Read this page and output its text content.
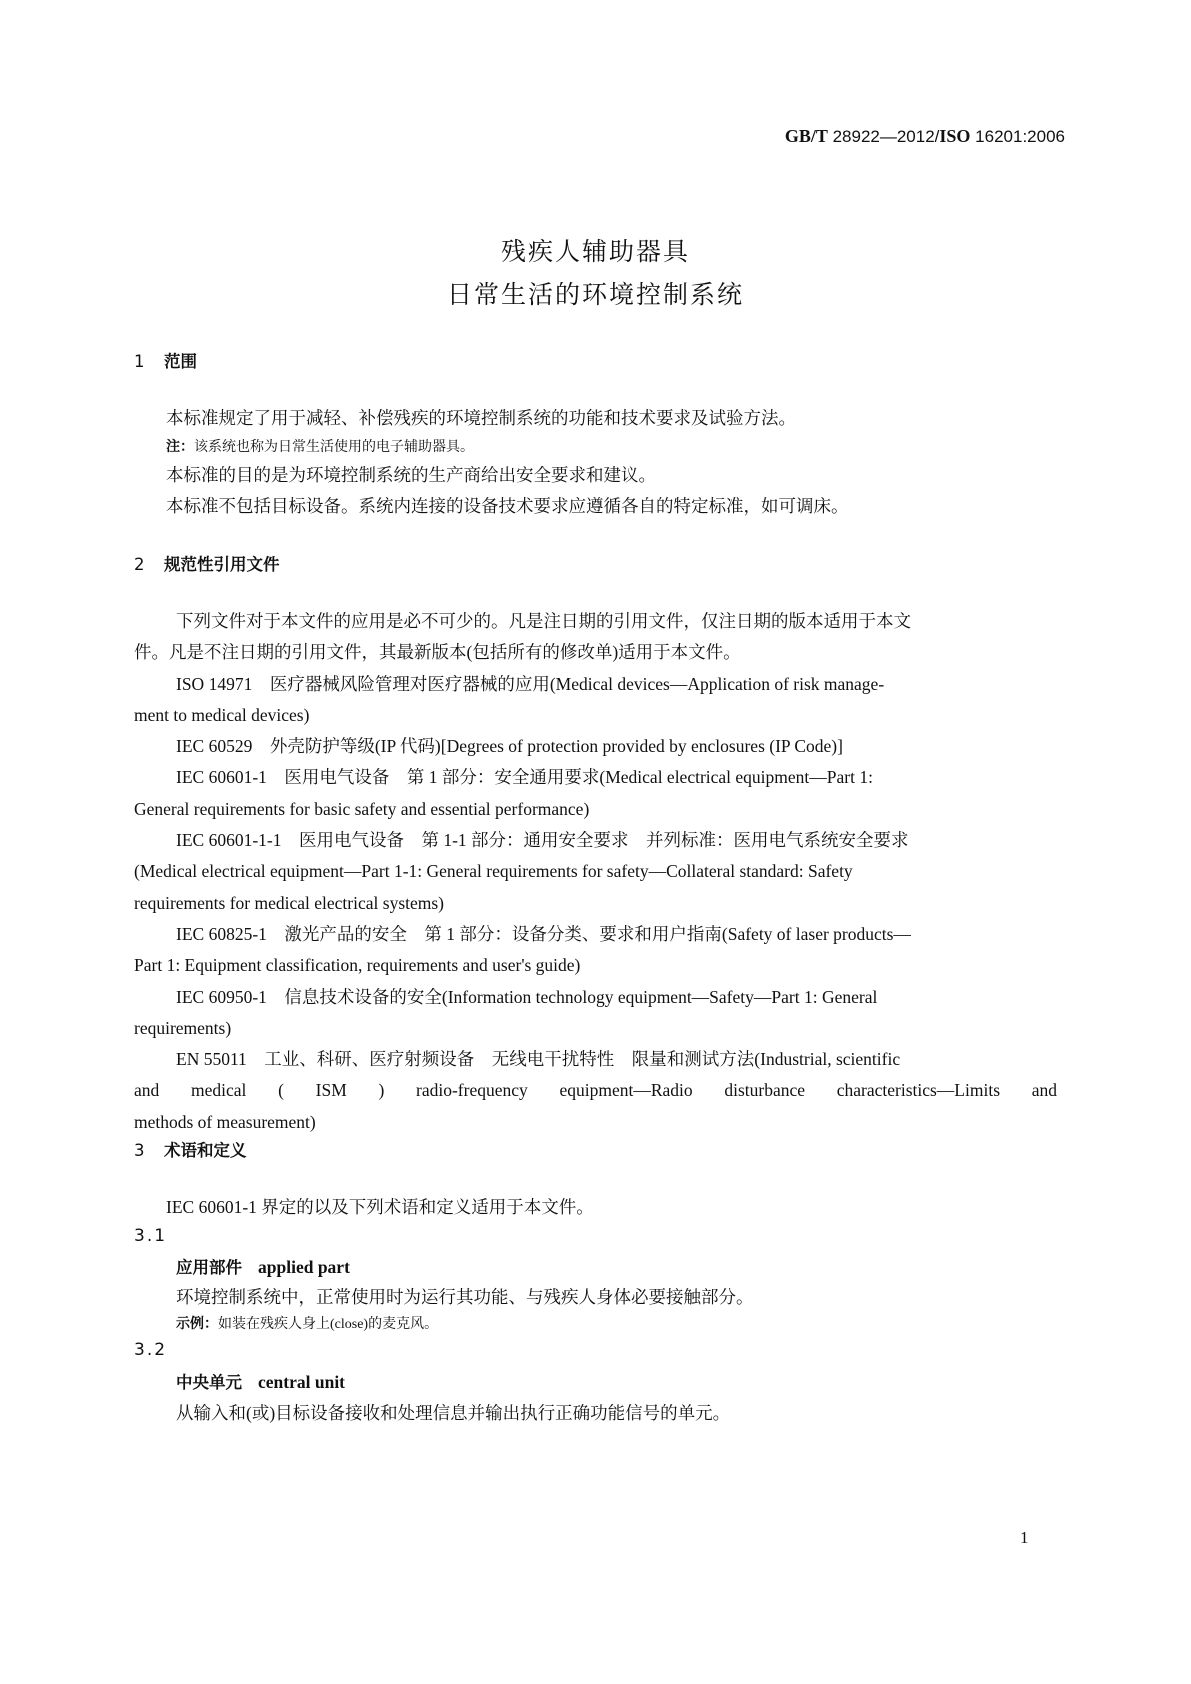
GB/T 28922—2012/ISO 16201:2006
残疾人辅助器具
日常生活的环境控制系统
1 范围
本标准规定了用于减轻、补偿残疾的环境控制系统的功能和技术要求及试验方法。
注：该系统也称为日常生活使用的电子辅助器具。
本标准的目的是为环境控制系统的生产商给出安全要求和建议。
本标准不包括目标设备。系统内连接的设备技术要求应遵循各自的特定标准，如可调床。
2 规范性引用文件
下列文件对于本文件的应用是必不可少的。凡是注日期的引用文件，仅注日期的版本适用于本文
件。凡是不注日期的引用文件，其最新版本(包括所有的修改单)适用于本文件。
ISO 14971　医疗器械风险管理对医疗器械的应用(Medical devices—Application of risk manage-
ment to medical devices)
IEC 60529　外壳防护等级(IP 代码)[Degrees of protection provided by enclosures (IP Code)]
IEC 60601-1　医用电气设备　第 1 部分：安全通用要求(Medical electrical equipment—Part 1:
General requirements for basic safety and essential performance)
IEC 60601-1-1　医用电气设备　第 1-1 部分：通用安全要求　并列标准：医用电气系统安全要求
(Medical electrical equipment—Part 1-1: General requirements for safety—Collateral standard: Safety
requirements for medical electrical systems)
IEC 60825-1　激光产品的安全　第 1 部分：设备分类、要求和用户指南(Safety of laser products—
Part 1: Equipment classification, requirements and user's guide)
IEC 60950-1　信息技术设备的安全(Information technology equipment—Safety—Part 1: General
requirements)
EN 55011　工业、科研、医疗射频设备　无线电干扰特性　限量和测试方法(Industrial, scientific
and medical ( ISM ) radio-frequency equipment—Radio disturbance characteristics—Limits and
methods of measurement)
3 术语和定义
IEC 60601-1 界定的以及下列术语和定义适用于本文件。
3.1
应用部件 applied part
环境控制系统中，正常使用时为运行其功能、与残疾人身体必要接触部分。
示例：如装在残疾人身上(close)的麦克风。
3.2
中央单元 central unit
从输入和(或)目标设备接收和处理信息并输出执行正确功能信号的单元。
1
